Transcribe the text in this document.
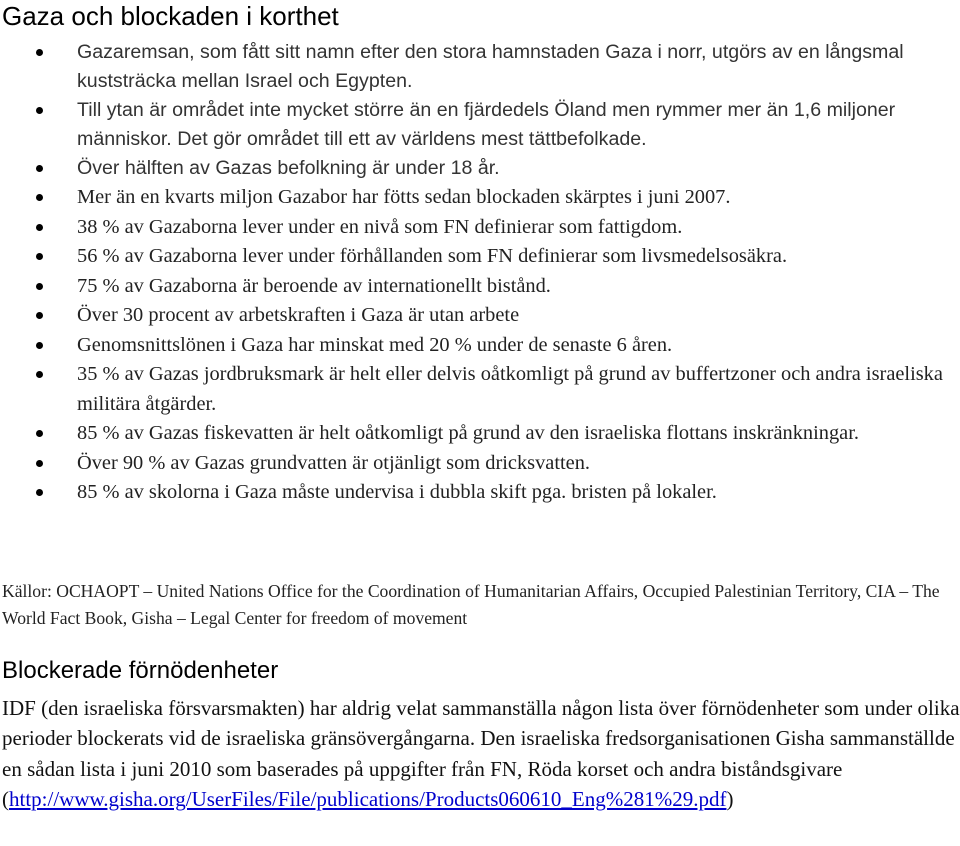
Gaza och blockaden i korthet
Gazaremsan, som fått sitt namn efter den stora hamnstaden Gaza i norr, utgörs av en långsmal kuststräcka mellan Israel och Egypten.
Till ytan är området inte mycket större än en fjärdedels Öland men rymmer mer än 1,6 miljoner människor. Det gör området till ett av världens mest tättbefolkade.
Över hälften av Gazas befolkning är under 18 år.
Mer än en kvarts miljon Gazabor har fötts sedan blockaden skärptes i juni 2007.
38 % av Gazaborna lever under en nivå som FN definierar som fattigdom.
56 % av Gazaborna lever under förhållanden som FN definierar som livsmedelsosäkra.
75 % av Gazaborna är beroende av internationellt bistånd.
Över 30 procent av arbetskraften i Gaza är utan arbete
Genomsnittslönen i Gaza har minskat med 20 % under de senaste 6 åren.
35 % av Gazas jordbruksmark är helt eller delvis oåtkomligt på grund av buffertzoner och andra israeliska militära åtgärder.
85 % av Gazas fiskevatten är helt oåtkomligt på grund av den israeliska flottans inskränkningar.
Över 90 % av Gazas grundvatten är otjänligt som dricksvatten.
85 % av skolorna i Gaza måste undervisa i dubbla skift pga. bristen på lokaler.

Källor: OCHAOPT – United Nations Office for the Coordination of Humanitarian Affairs, Occupied Palestinian Territory, CIA – The World Fact Book, Gisha – Legal Center for freedom of movement

Blockerade förnödenheter

IDF (den israeliska försvarsmakten) har aldrig velat sammanställa någon lista över förnödenheter som under olika perioder blockerats vid de israeliska gränsövergångarna. Den israeliska fredsorganisationen Gisha sammanställde en sådan lista i juni 2010 som baserades på uppgifter från FN, Röda korset och andra biståndsgivare (http://www.gisha.org/UserFiles/File/publications/Products060610_Eng%281%29.pdf)
